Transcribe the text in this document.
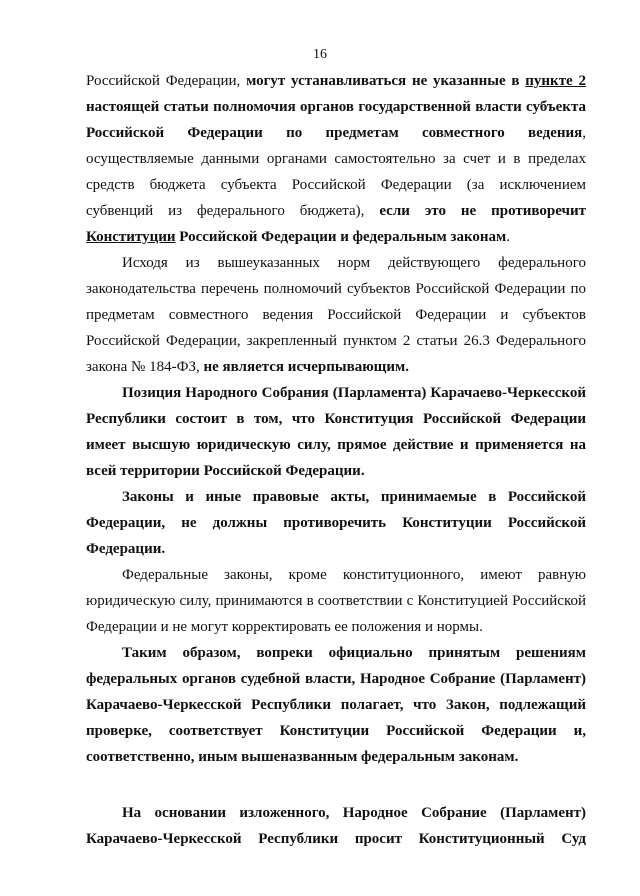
16
Российской Федерации, могут устанавливаться не указанные в пункте 2
настоящей статьи полномочия органов государственной власти субъекта
Российской Федерации по предметам совместного ведения,
осуществляемые данными органами самостоятельно за счет и в пределах
средств бюджета субъекта Российской Федерации (за исключением
субвенций из федерального бюджета), если это не противоречит
Конституции Российской Федерации и федеральным законам.
Исходя из вышеуказанных норм действующего федерального
законодательства перечень полномочий субъектов Российской Федерации по
предметам совместного ведения Российской Федерации и субъектов
Российской Федерации, закрепленный пунктом 2 статьи 26.3 Федерального
закона № 184-ФЗ, не является исчерпывающим.
Позиция Народного Собрания (Парламента) Карачаево-Черкесской
Республики состоит в том, что Конституция Российской Федерации
имеет высшую юридическую силу, прямое действие и применяется на
всей территории Российской Федерации.
Законы и иные правовые акты, принимаемые в Российской
Федерации, не должны противоречить Конституции Российской
Федерации.
Федеральные законы, кроме конституционного, имеют равную
юридическую силу, принимаются в соответствии с Конституцией Российской
Федерации и не могут корректировать ее положения и нормы.
Таким образом, вопреки официально принятым решениям
федеральных органов судебной власти, Народное Собрание (Парламент)
Карачаево-Черкесской Республики полагает, что Закон, подлежащий
проверке, соответствует Конституции Российской Федерации и,
соответственно, иным вышеназванным федеральным законам.
На основании изложенного, Народное Собрание (Парламент)
Карачаево-Черкесской Республики просит Конституционный Суд
